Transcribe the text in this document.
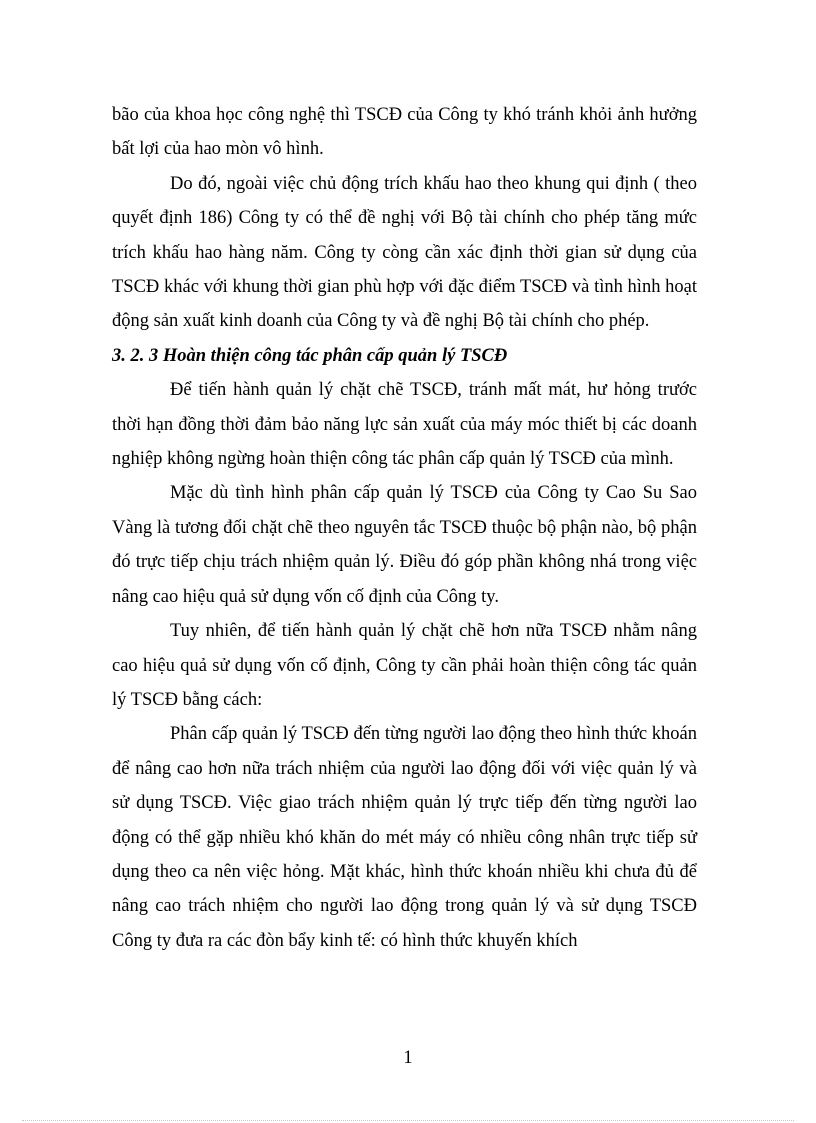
bão của khoa học công nghệ thì TSCĐ của Công ty khó tránh khỏi ảnh hưởng bất lợi của hao mòn vô hình.

Do đó, ngoài việc chủ động trích khấu hao theo khung qui định ( theo quyết định 186) Công ty có thể đề nghị với Bộ tài chính cho phép tăng mức trích khấu hao hàng năm. Công ty còng cần xác định thời gian sử dụng của TSCĐ khác với khung thời gian phù hợp với đặc điểm TSCĐ và tình hình hoạt động sản xuất kinh doanh của Công ty và đề nghị Bộ tài chính cho phép.

3. 2. 3 Hoàn thiện công tác phân cấp quản lý TSCĐ

Để tiến hành quản lý chặt chẽ TSCĐ, tránh mất mát, hư hỏng trước thời hạn đồng thời đảm bảo năng lực sản xuất của máy móc thiết bị các doanh nghiệp không ngừng hoàn thiện công tác phân cấp quản lý TSCĐ của mình.

Mặc dù tình hình phân cấp quản lý TSCĐ của Công ty Cao Su Sao Vàng là tương đối chặt chẽ theo nguyên tắc TSCĐ thuộc bộ phận nào, bộ phận đó trực tiếp chịu trách nhiệm quản lý. Điều đó góp phần không nhá trong việc nâng cao hiệu quả sử dụng vốn cố định của Công ty.

Tuy nhiên, để tiến hành quản lý chặt chẽ hơn nữa TSCĐ nhằm nâng cao hiệu quả sử dụng vốn cố định, Công ty cần phải hoàn thiện công tác quản lý TSCĐ bằng cách:

Phân cấp quản lý TSCĐ đến từng người lao động theo hình thức khoán để nâng cao hơn nữa trách nhiệm của người lao động đối với việc quản lý và sử dụng TSCĐ. Việc giao trách nhiệm quản lý trực tiếp đến từng người lao động có thể gặp nhiều khó khăn do mét máy có nhiều công nhân trực tiếp sử dụng theo ca nên việc hỏng. Mặt khác, hình thức khoán nhiều khi chưa đủ để nâng cao trách nhiệm cho người lao động trong quản lý và sử dụng TSCĐ Công ty đưa ra các đòn bẩy kinh tế: có hình thức khuyến khích

1
